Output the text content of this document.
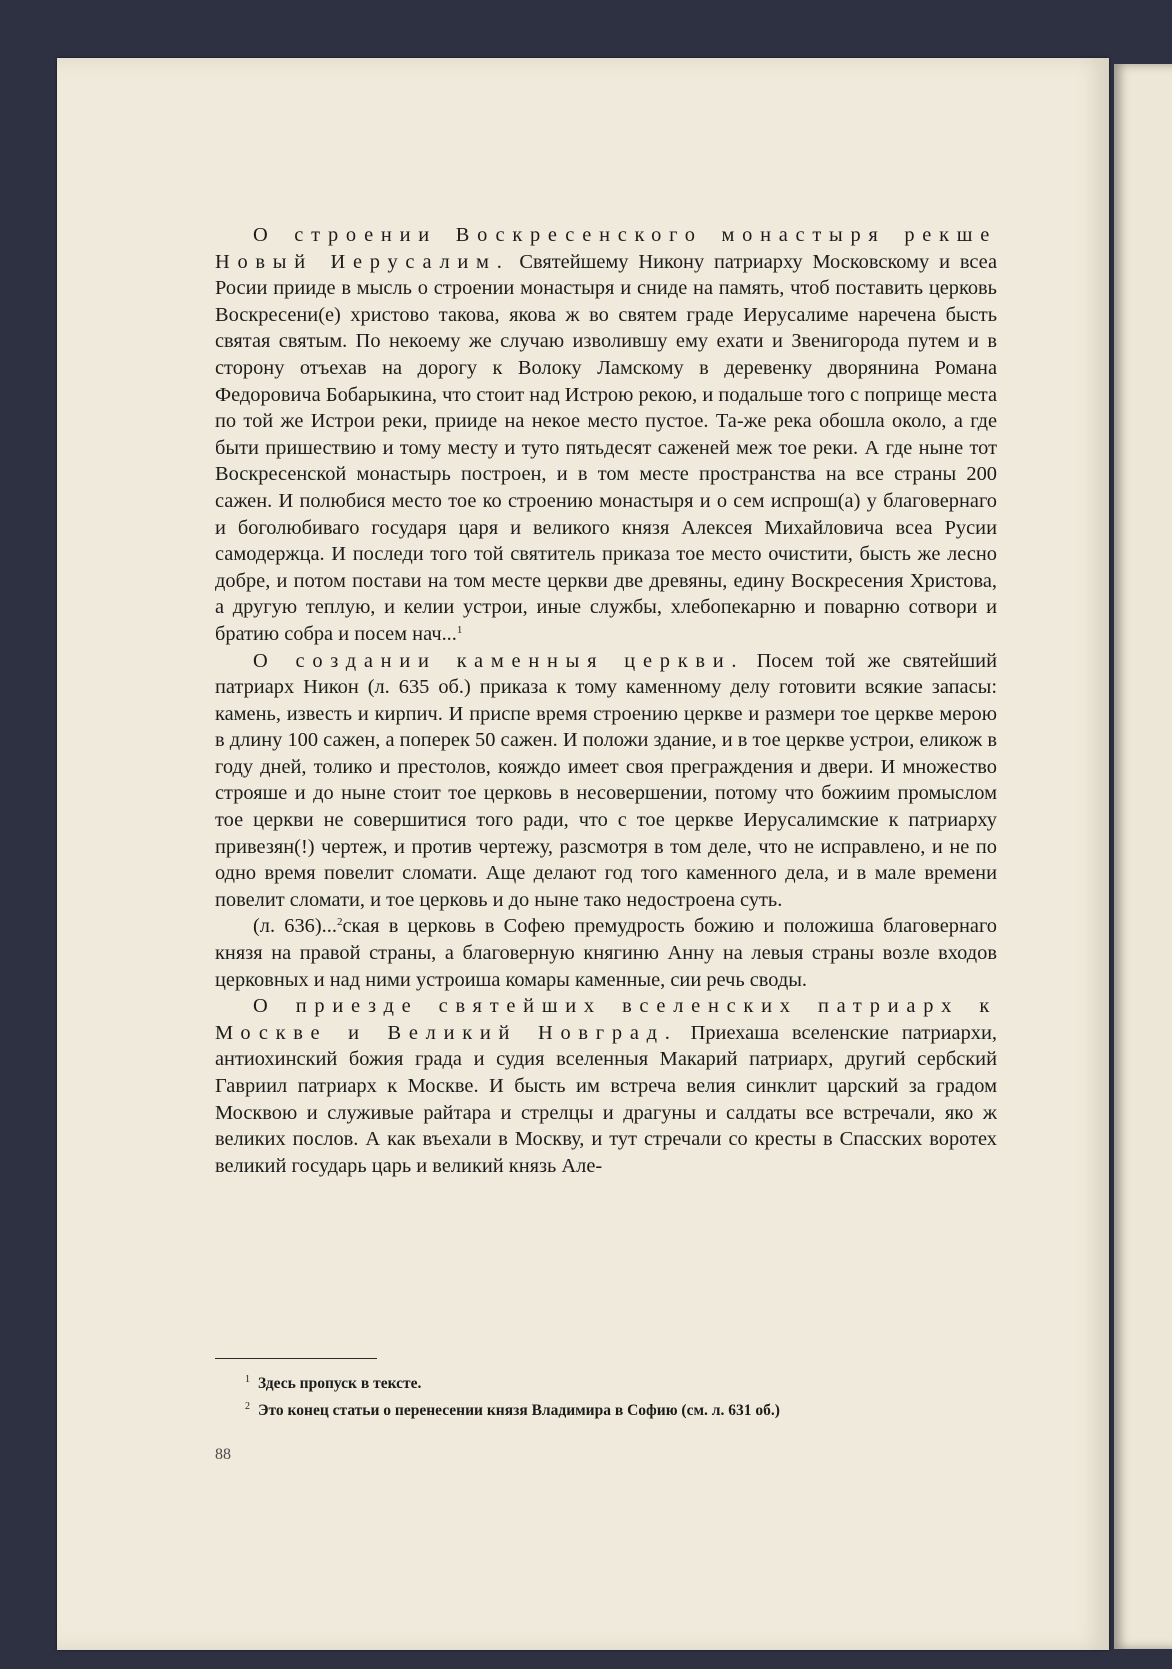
О строении Воскресенского монастыря рекше Новый Иерусалим. Святейшему Никону патриарху Московскому и всеа Росии прииде в мысль о строении монастыря и сниде на память, чтоб поставить церковь Воскресени(е) христово такова, якова ж во святем граде Иерусалиме наречена бысть святая святым. По некоему же случаю изволившу ему ехати и Звенигорода путем и в сторону отъехав на дорогу к Волоку Ламскому в деревенку дворянина Романа Федоровича Бобарыкина, что стоит над Истрою рекою, и подальше того с поприще места по той же Истрои реки, прииде на некое место пустое. Та-же река обошла около, а где быти пришествию и тому месту и туто пятьдесят саженей меж тое реки. А где ныне тот Воскресенской монастырь построен, и в том месте пространства на все страны 200 сажен. И полюбися место тое ко строению монастыря и о сем испрош(а) у благовернаго и боголюбиваго государя царя и великого князя Алексея Михайловича всеа Русии самодержца. И последи того той святитель приказа тое место очистити, бысть же лесно добре, и потом постави на том месте церкви две древяны, едину Воскресения Христова, а другую теплую, и келии устрои, иные службы, хлебопекарню и поварню сотвори и братию собра и посем нач...$^1$

О создании каменныя церкви. Посем той же святейший патриарх Никон (л. 635 об.) приказа к тому каменному делу готовити всякие запасы: камень, известь и кирпич. И приспе время строению церкве и размери тое церкве мерою в длину 100 сажен, а поперек 50 сажен. И положи здание, и в тое церкве устрои, еликож в году дней, толико и престолов, кояждо имеет своя преграждения и двери. И множество строяше и до ныне стоит тое церковь в несовершении, потому что божиим промыслом тое церкви не совершитися того ради, что с тое церкве Иерусалимские к патриарху привезян(!) чертеж, и против чертежу, разсмотря в том деле, что не исправлено, и не по одно время повелит сломати. Аще делают год того каменного дела, и в мале времени повелит сломати, и тое церковь и до ныне тако недостроена суть.

(л. 636)...$^2$ская в церковь в Софею премудрость божию и положиша благовернаго князя на правой страны, а благоверную княгиню Анну на левыя страны возле входов церковных и над ними устроиша комары каменные, сии речь своды.

О приезде святейших вселенских патриарх к Москве и Великий Новград. Приехаша вселенские патриархи, антиохинский божия града и судия вселенныя Макарий патриарх, другий сербский Гавриил патриарх к Москве. И бысть им встреча велия синклит царский за градом Москвою и служивые райтара и стрелцы и драгуны и салдаты все встречали, яко ж великих послов. А как въехали в Москву, и тут стречали со кресты в Спасских воротех великий государь царь и великий князь Але-

$^1$ Здесь пропуск в тексте.
$^2$ Это конец статьи о перенесении князя Владимира в Софию (см. л. 631 об.)
88
